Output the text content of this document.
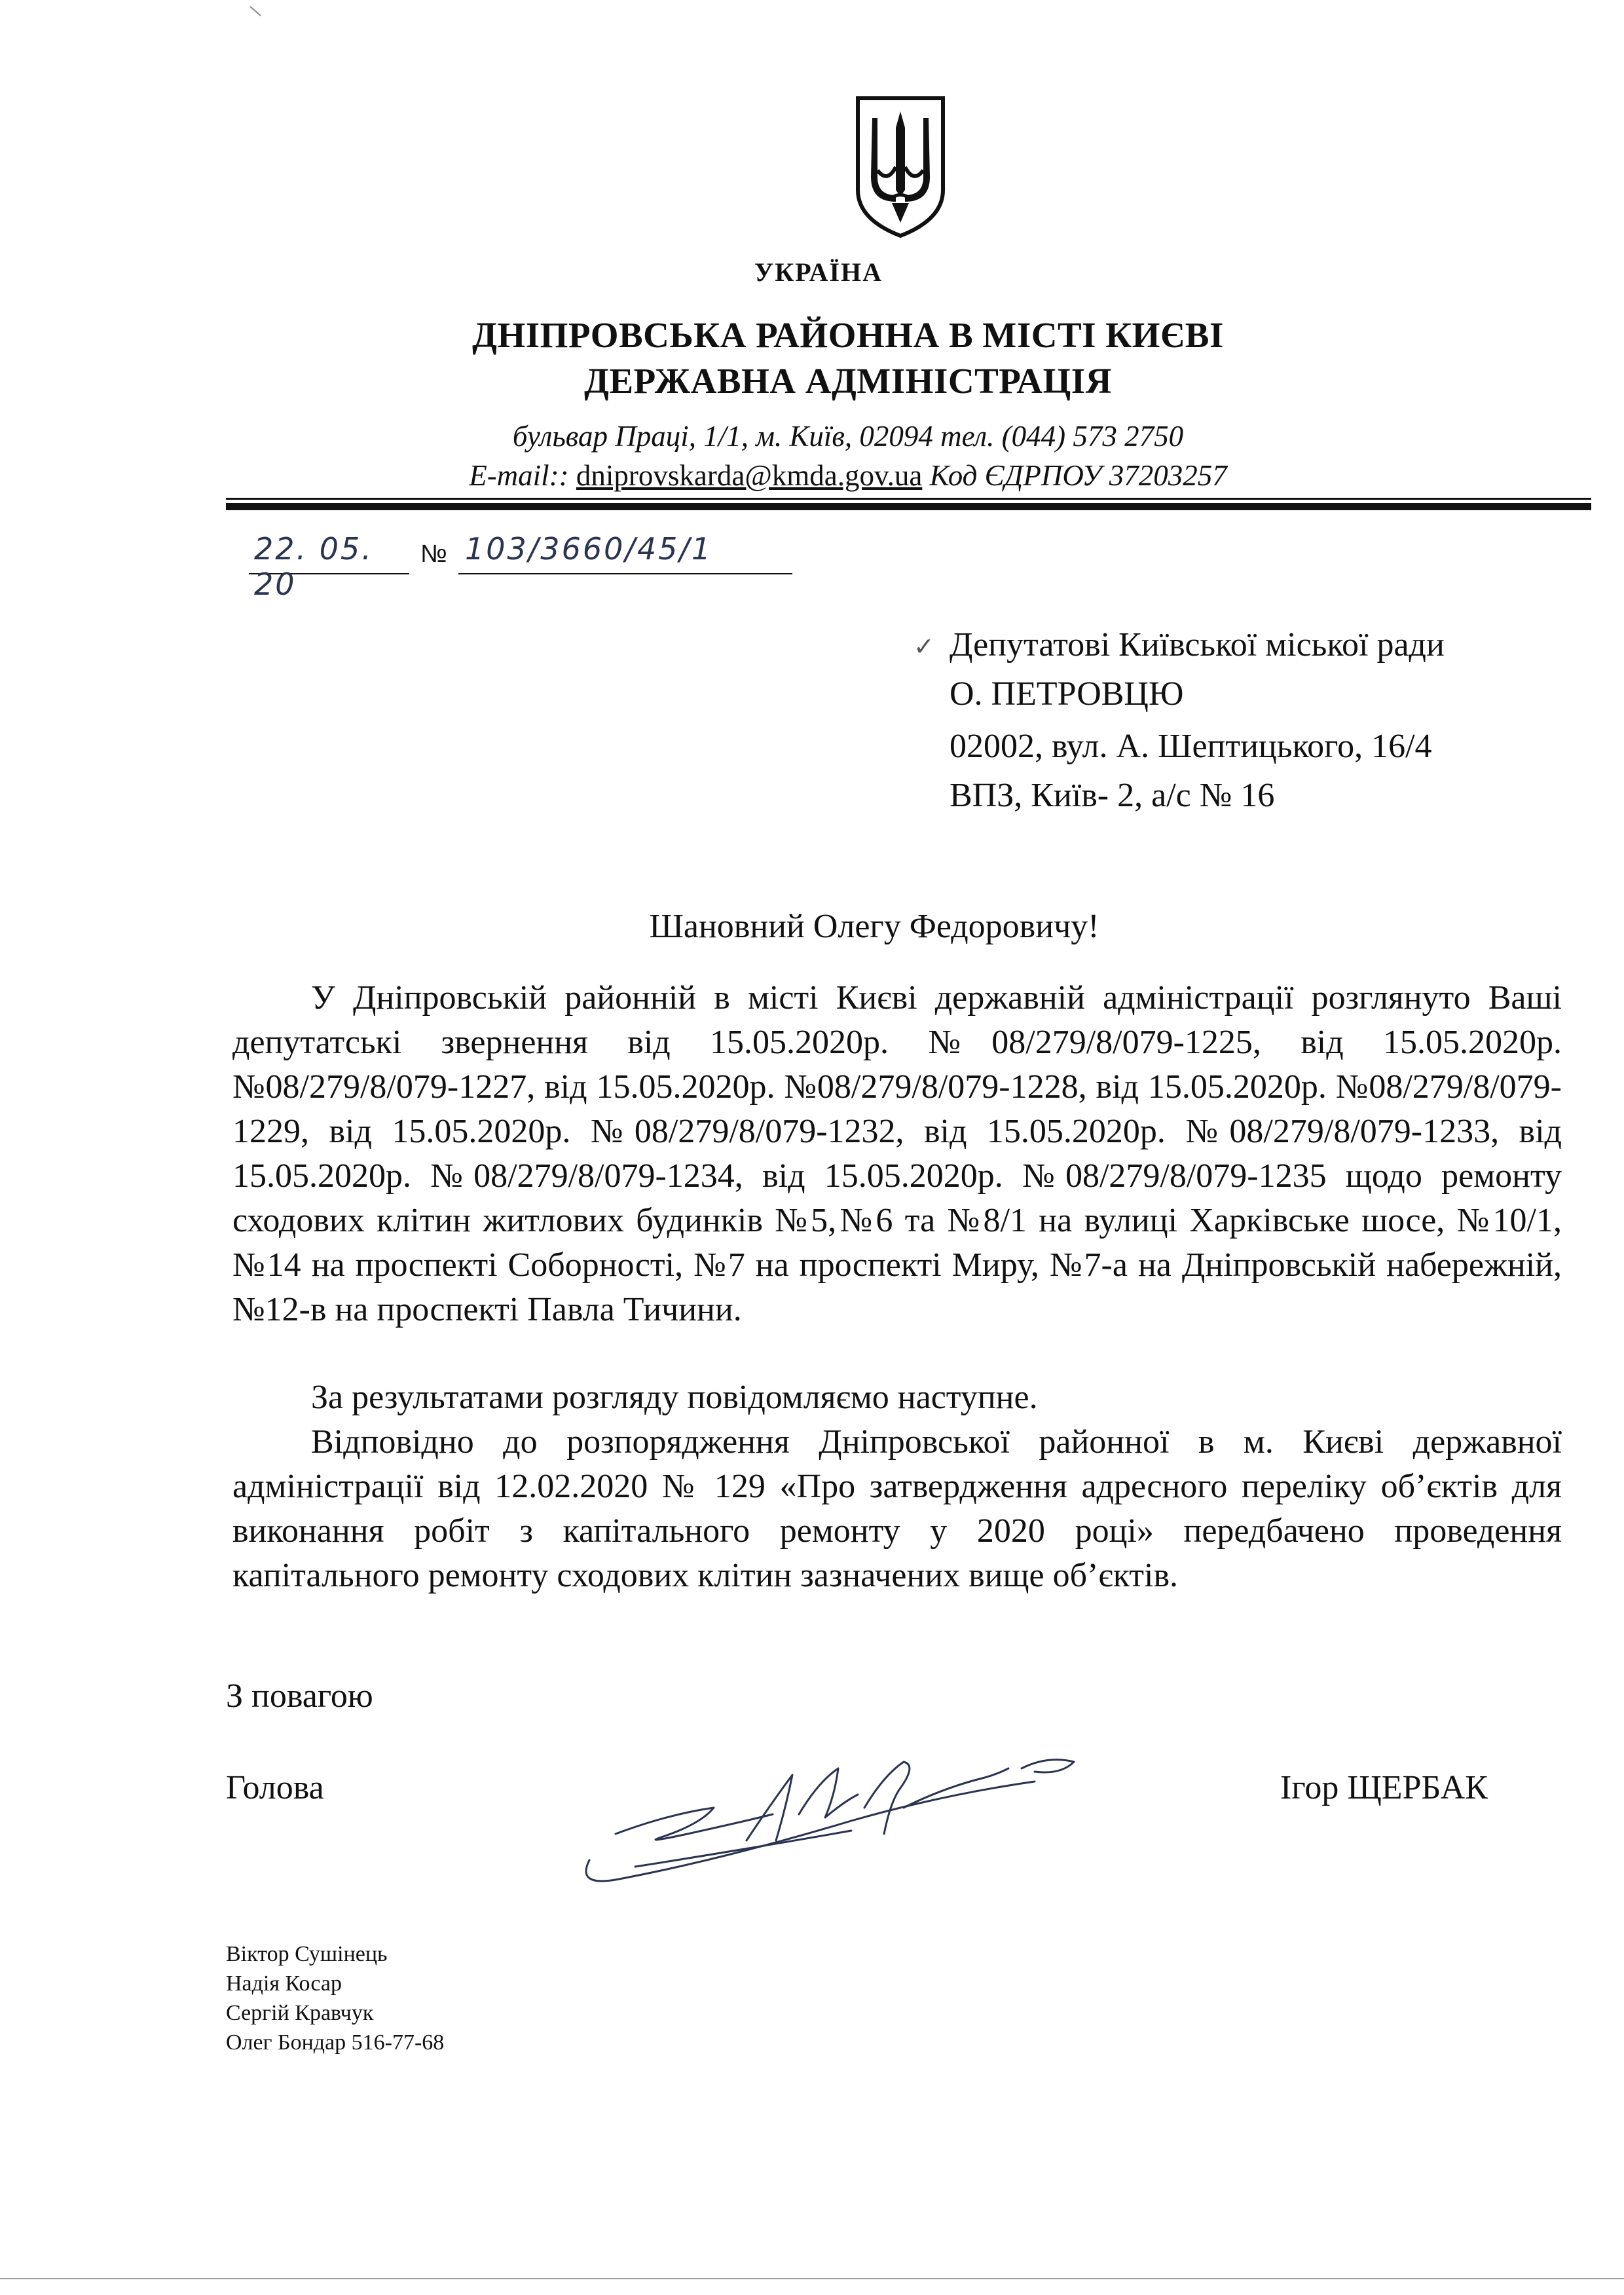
УКРАЇНА
ДНІПРОВСЬКА РАЙОННА В МІСТІ КИЄВІ
ДЕРЖАВНА АДМІНІСТРАЦІЯ
бульвар Праці, 1/1, м. Київ, 02094 тел. (044) 573 2750
E-mail:: dniprovskarda@kmda.gov.ua Код ЄДРПОУ 37203257
22. 05. 20
№ 103/3660/45/1
✓ Депутатові Київської міської ради
О. ПЕТРОВЦЮ
02002, вул. А. Шептицького, 16/4
ВПЗ, Київ- 2, а/с № 16
Шановний Олегу Федоровичу!

У Дніпровській районній в місті Києві державній адміністрації розглянуто Ваші депутатські звернення від 15.05.2020р. №08/279/8/079-1225, від 15.05.2020р. №08/279/8/079-1227, від 15.05.2020р. №08/279/8/079-1228, від 15.05.2020р. №08/279/8/079-1229, від 15.05.2020р. №08/279/8/079-1232, від 15.05.2020р. №08/279/8/079-1233, від 15.05.2020р. №08/279/8/079-1234, від 15.05.2020р. №08/279/8/079-1235 щодо ремонту сходових клітин житлових будинків №5,№6 та №8/1 на вулиці Харківське шосе, №10/1, №14 на проспекті Соборності, №7 на проспекті Миру, №7-а на Дніпровській набережній, №12-в на проспекті Павла Тичини.

За результатами розгляду повідомляємо наступне.

Відповідно до розпорядження Дніпровської районної в м. Києві державної адміністрації від 12.02.2020 № 129 «Про затвердження адресного переліку об’єктів для виконання робіт з капітального ремонту у 2020 році» передбачено проведення капітального ремонту сходових клітин зазначених вище об’єктів.

З повагою
Голова	Ігор ЩЕРБАК
Віктор Сушінець
Надія Косар
Сергій Кравчук
Олег Бондар 516-77-68
